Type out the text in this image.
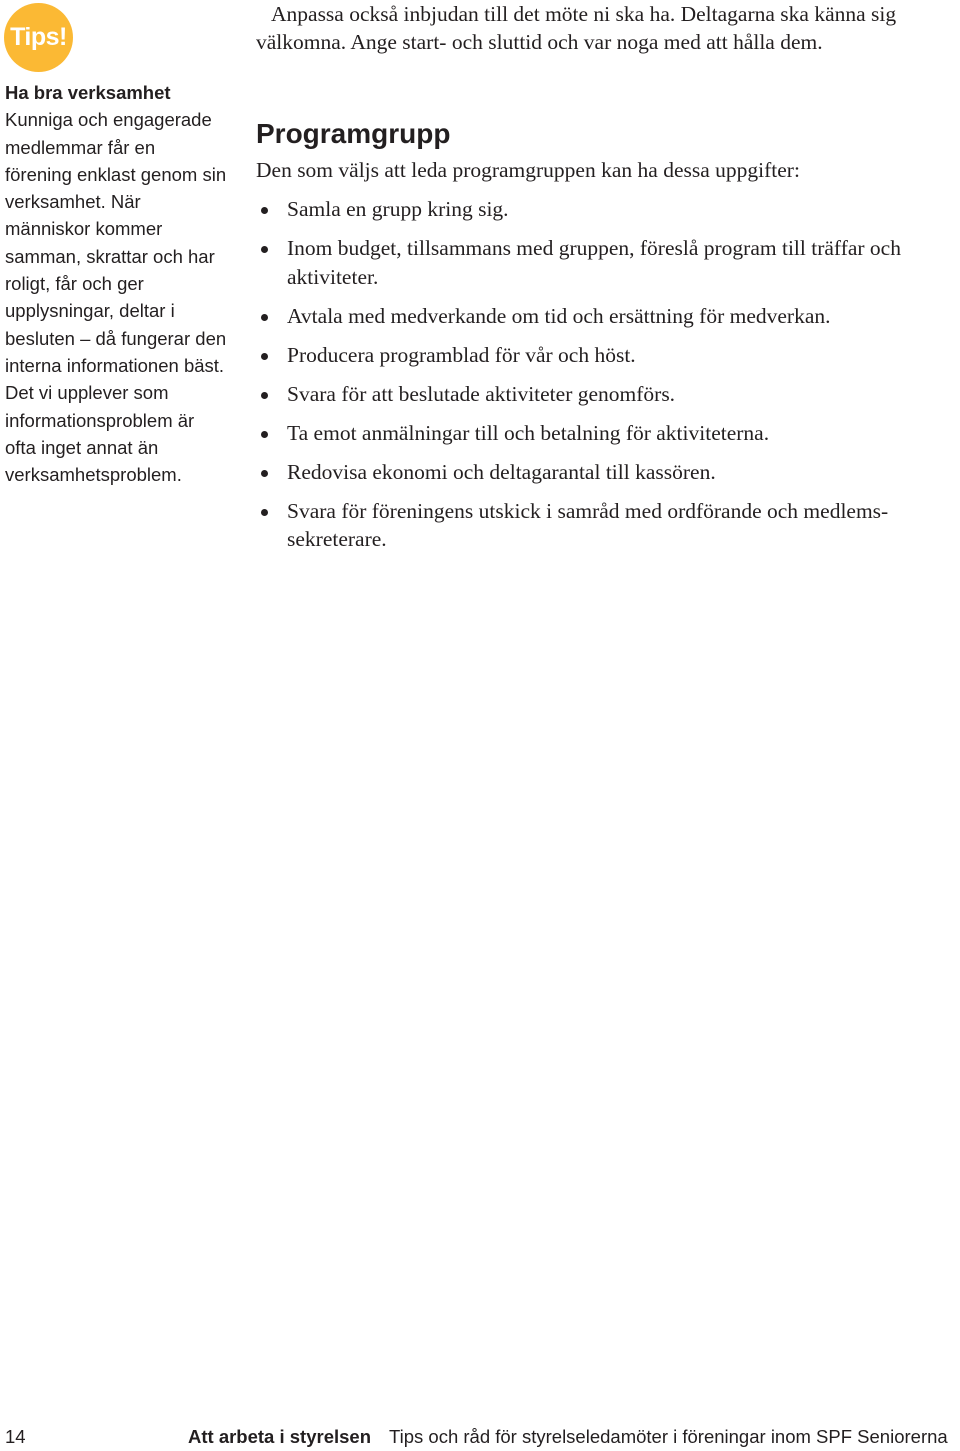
Tips!
Ha bra verksamhet
Kunniga och engagerade medlemmar får en förening enklast genom sin verksamhet. När människor kommer samman, skrattar och har roligt, får och ger upplysningar, deltar i besluten – då fungerar den interna informationen bäst. Det vi upplever som informationsproblem är ofta inget annat än verksamhetsproblem.
Anpassa också inbjudan till det möte ni ska ha. Deltagarna ska känna sig välkomna. Ange start- och sluttid och var noga med att hålla dem.
Programgrupp
Den som väljs att leda programgruppen kan ha dessa uppgifter:
Samla en grupp kring sig.
Inom budget, tillsammans med gruppen, föreslå program till träffar och aktiviteter.
Avtala med medverkande om tid och ersättning för medverkan.
Producera programblad för vår och höst.
Svara för att beslutade aktiviteter genomförs.
Ta emot anmälningar till och betalning för aktiviteterna.
Redovisa ekonomi och deltagarantal till kassören.
Svara för föreningens utskick i samråd med ordförande och medlems-sekreterare.
14	Att arbeta i styrelsen Tips och råd för styrelseledamöter i föreningar inom SPF Seniorerna
